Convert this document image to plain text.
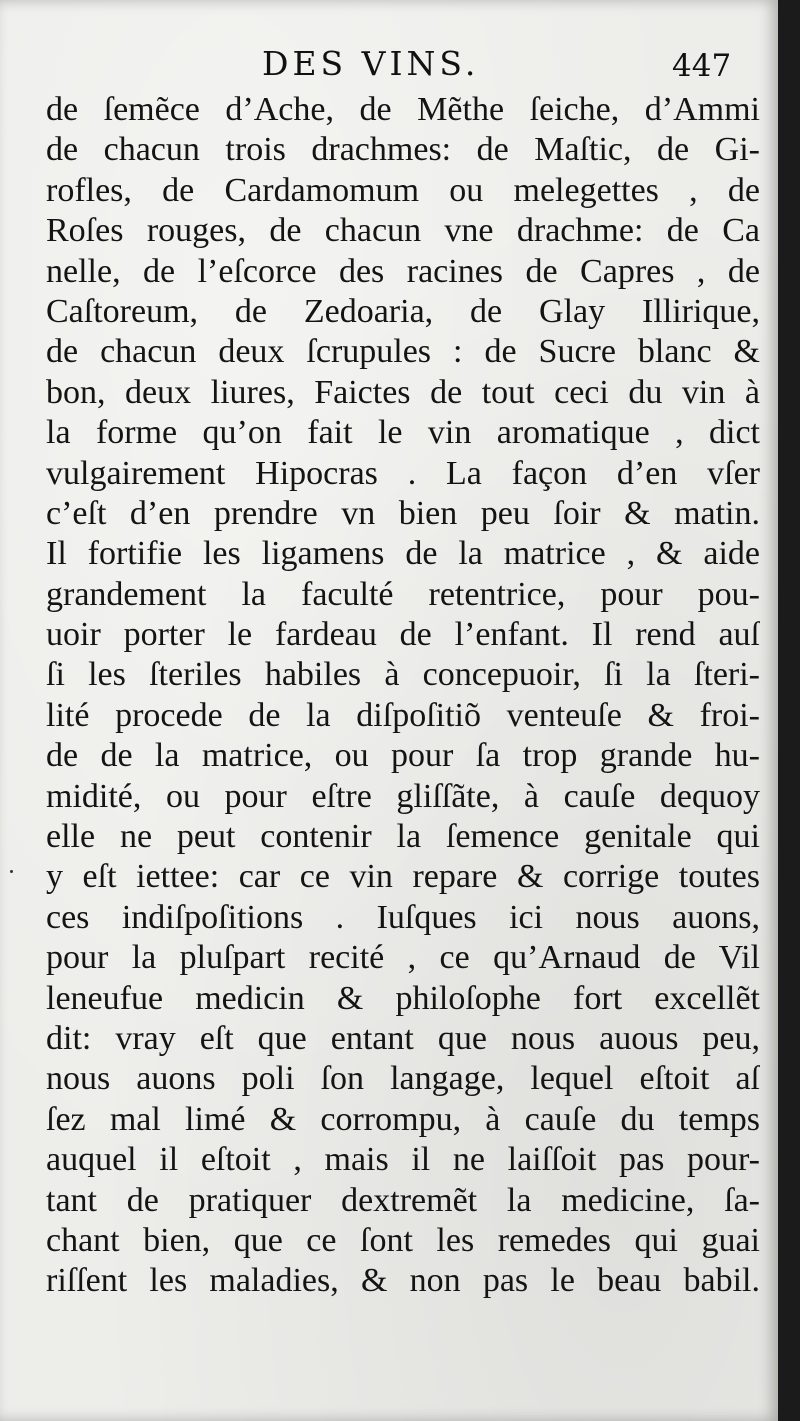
DES VINS.	447
de ſemẽce d’Ache, de Mẽthe ſeiche, d’Ammi
de chacun trois drachmes: de Maſtic, de Gi-
rofles, de Cardamomum ou melegettes , de
Roſes rouges, de chacun vne drachme: de Ca
nelle, de l’eſcorce des racines de Capres , de
Caſtoreum, de Zedoaria, de Glay Illirique,
de chacun deux ſcrupules : de Sucre blanc &
bon, deux liures, Faictes de tout ceci du vin à
la forme qu’on fait le vin aromatique , dict
vulgairement Hipocras . La façon d’en vſer
c’eſt d’en prendre vn bien peu ſoir & matin.
Il fortifie les ligamens de la matrice , & aide
grandement la faculté retentrice, pour pou-
uoir porter le fardeau de l’enfant. Il rend auſ
ſi les ſteriles habiles à concepuoir, ſi la ſteri-
lité procede de la diſpoſitiõ venteuſe & froi-
de de la matrice, ou pour ſa trop grande hu-
midité, ou pour eſtre gliſſãte, à cauſe dequoy
elle ne peut contenir la ſemence genitale qui
y eſt iettee: car ce vin repare & corrige toutes
ces indiſpoſitions . Iuſques ici nous auons,
pour la pluſpart recité , ce qu’Arnaud de Vil
leneufue medicin & philoſophe fort excellẽt
dit: vray eſt que entant que nous auous peu,
nous auons poli ſon langage, lequel eſtoit aſ
ſez mal limé & corrompu, à cauſe du temps
auquel il eſtoit , mais il ne laiſſoit pas pour-
tant de pratiquer dextremẽt la medicine, ſa-
chant bien, que ce ſont les remedes qui guai
riſſent les maladies, & non pas le beau babil.
